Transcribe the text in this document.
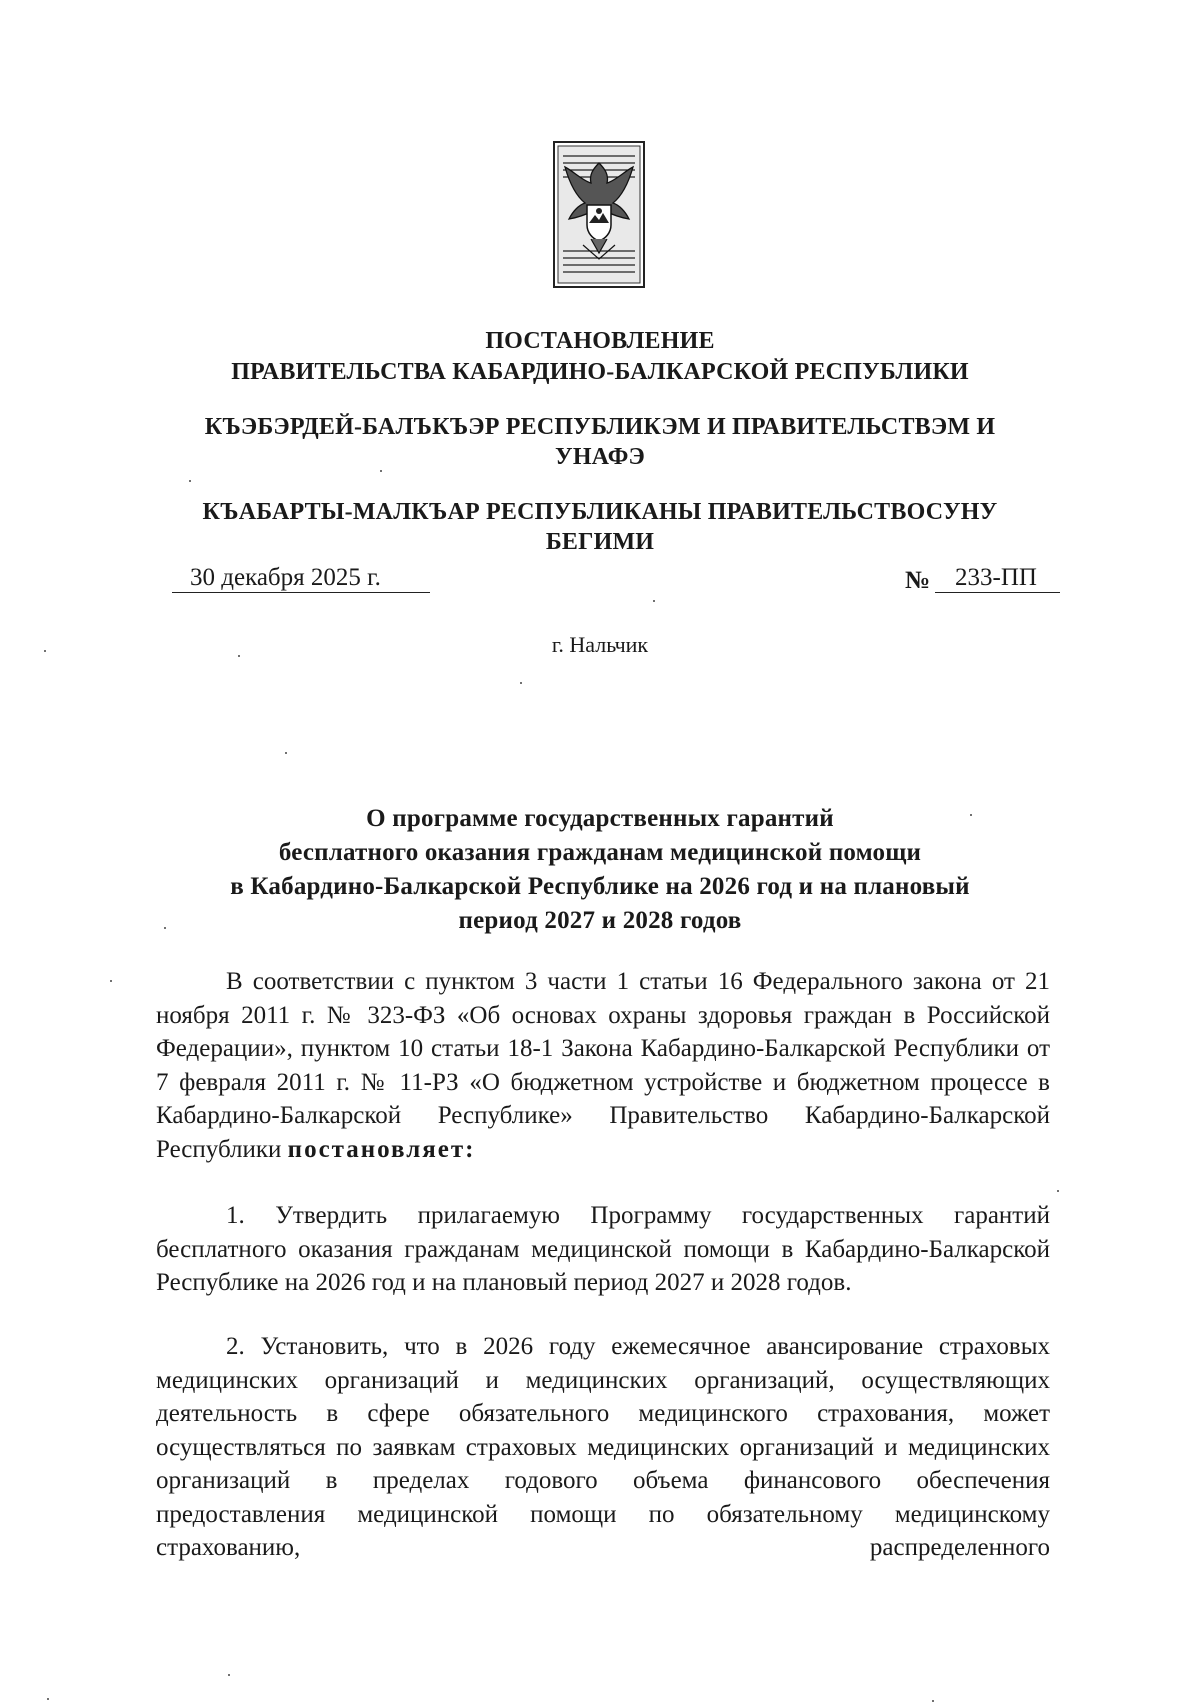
ПОСТАНОВЛЕНИЕ
ПРАВИТЕЛЬСТВА КАБАРДИНО-БАЛКАРСКОЙ РЕСПУБЛИКИ
КЪЭБЭРДЕЙ-БАЛЪКЪЭР РЕСПУБЛИКЭМ И ПРАВИТЕЛЬСТВЭМ И УНАФЭ
КЪАБАРТЫ-МАЛКЪАР РЕСПУБЛИКАНЫ ПРАВИТЕЛЬСТВОСУНУ БЕГИМИ
30 декабря 2025 г.	№ 233-ПП
г. Нальчик
О программе государственных гарантий
бесплатного оказания гражданам медицинской помощи
в Кабардино-Балкарской Республике на 2026 год и на плановый
период 2027 и 2028 годов
В соответствии с пунктом 3 части 1 статьи 16 Федерального закона от 21 ноября 2011 г. № 323-ФЗ «Об основах охраны здоровья граждан в Российской Федерации», пунктом 10 статьи 18-1 Закона Кабардино-Балкарской Республики от 7 февраля 2011 г. № 11-РЗ «О бюджетном устройстве и бюджетном процессе в Кабардино-Балкарской Республике» Правительство Кабардино-Балкарской Республики постановляет:
1. Утвердить прилагаемую Программу государственных гарантий бесплатного оказания гражданам медицинской помощи в Кабардино-Балкарской Республике на 2026 год и на плановый период 2027 и 2028 годов.
2. Установить, что в 2026 году ежемесячное авансирование страховых медицинских организаций и медицинских организаций, осуществляющих деятельность в сфере обязательного медицинского страхования, может осуществляться по заявкам страховых медицинских организаций и медицинских организаций в пределах годового объема финансового обеспечения предоставления медицинской помощи по обязательному медицинскому страхованию, распределенного
